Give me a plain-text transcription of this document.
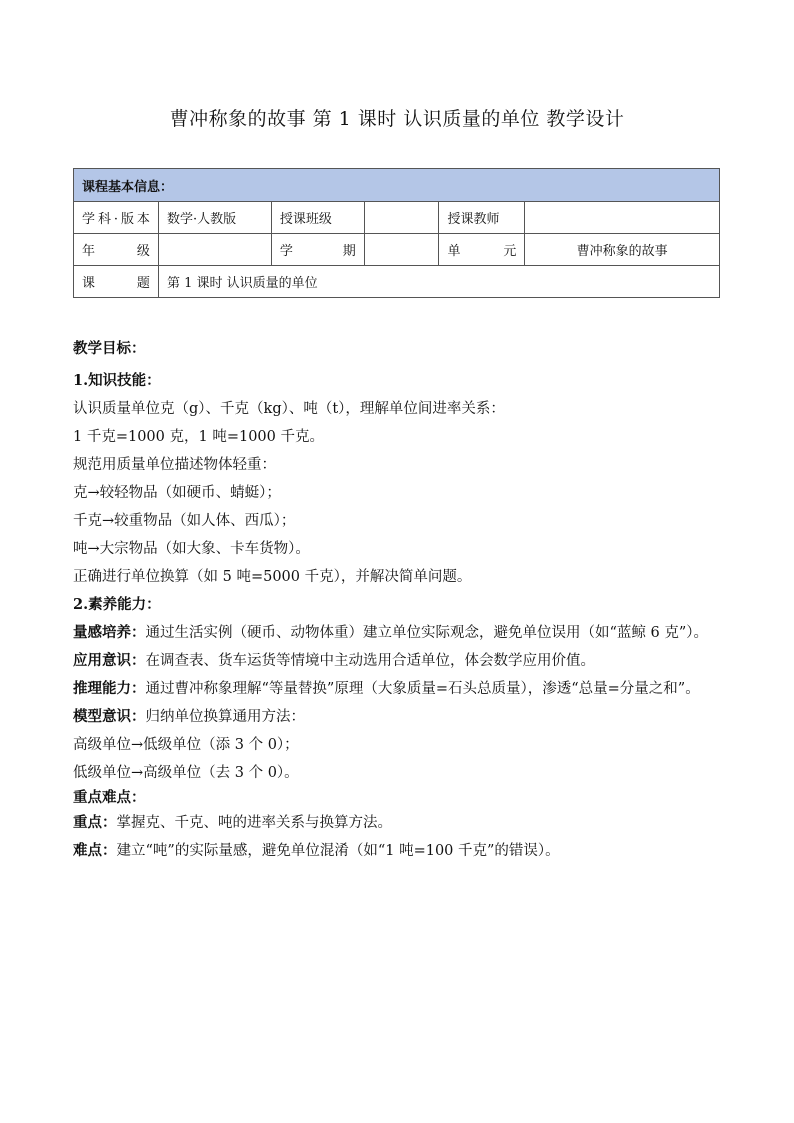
曹冲称象的故事 第 1 课时 认识质量的单位 教学设计
课程基本信息：					
学科·版本	数学·人教版	授课班级		授课教师	
年 级		学 期		单 元	曹冲称象的故事
课 题	第 1 课时 认识质量的单位				

教学目标：

1.知识技能：

认识质量单位克（g）、千克（kg）、吨（t），理解单位间进率关系：

1 千克=1000 克，1 吨=1000 千克。

规范用质量单位描述物体轻重：

克→较轻物品（如硬币、蜻蜓）；

千克→较重物品（如人体、西瓜）；

吨→大宗物品（如大象、卡车货物）。

正确进行单位换算（如 5 吨=5000 千克），并解决简单问题。

2.素养能力：

量感培养：通过生活实例（硬币、动物体重）建立单位实际观念，避免单位误用（如“蓝鲸 6 克”）。

应用意识：在调查表、货车运货等情境中主动选用合适单位，体会数学应用价值。

推理能力：通过曹冲称象理解“等量替换”原理（大象质量=石头总质量），渗透“总量=分量之和”。

模型意识：归纳单位换算通用方法：

高级单位→低级单位（添 3 个 0）；

低级单位→高级单位（去 3 个 0）。

重点难点：

重点：掌握克、千克、吨的进率关系与换算方法。

难点：建立“吨”的实际量感，避免单位混淆（如“1 吨=100 千克”的错误）。
